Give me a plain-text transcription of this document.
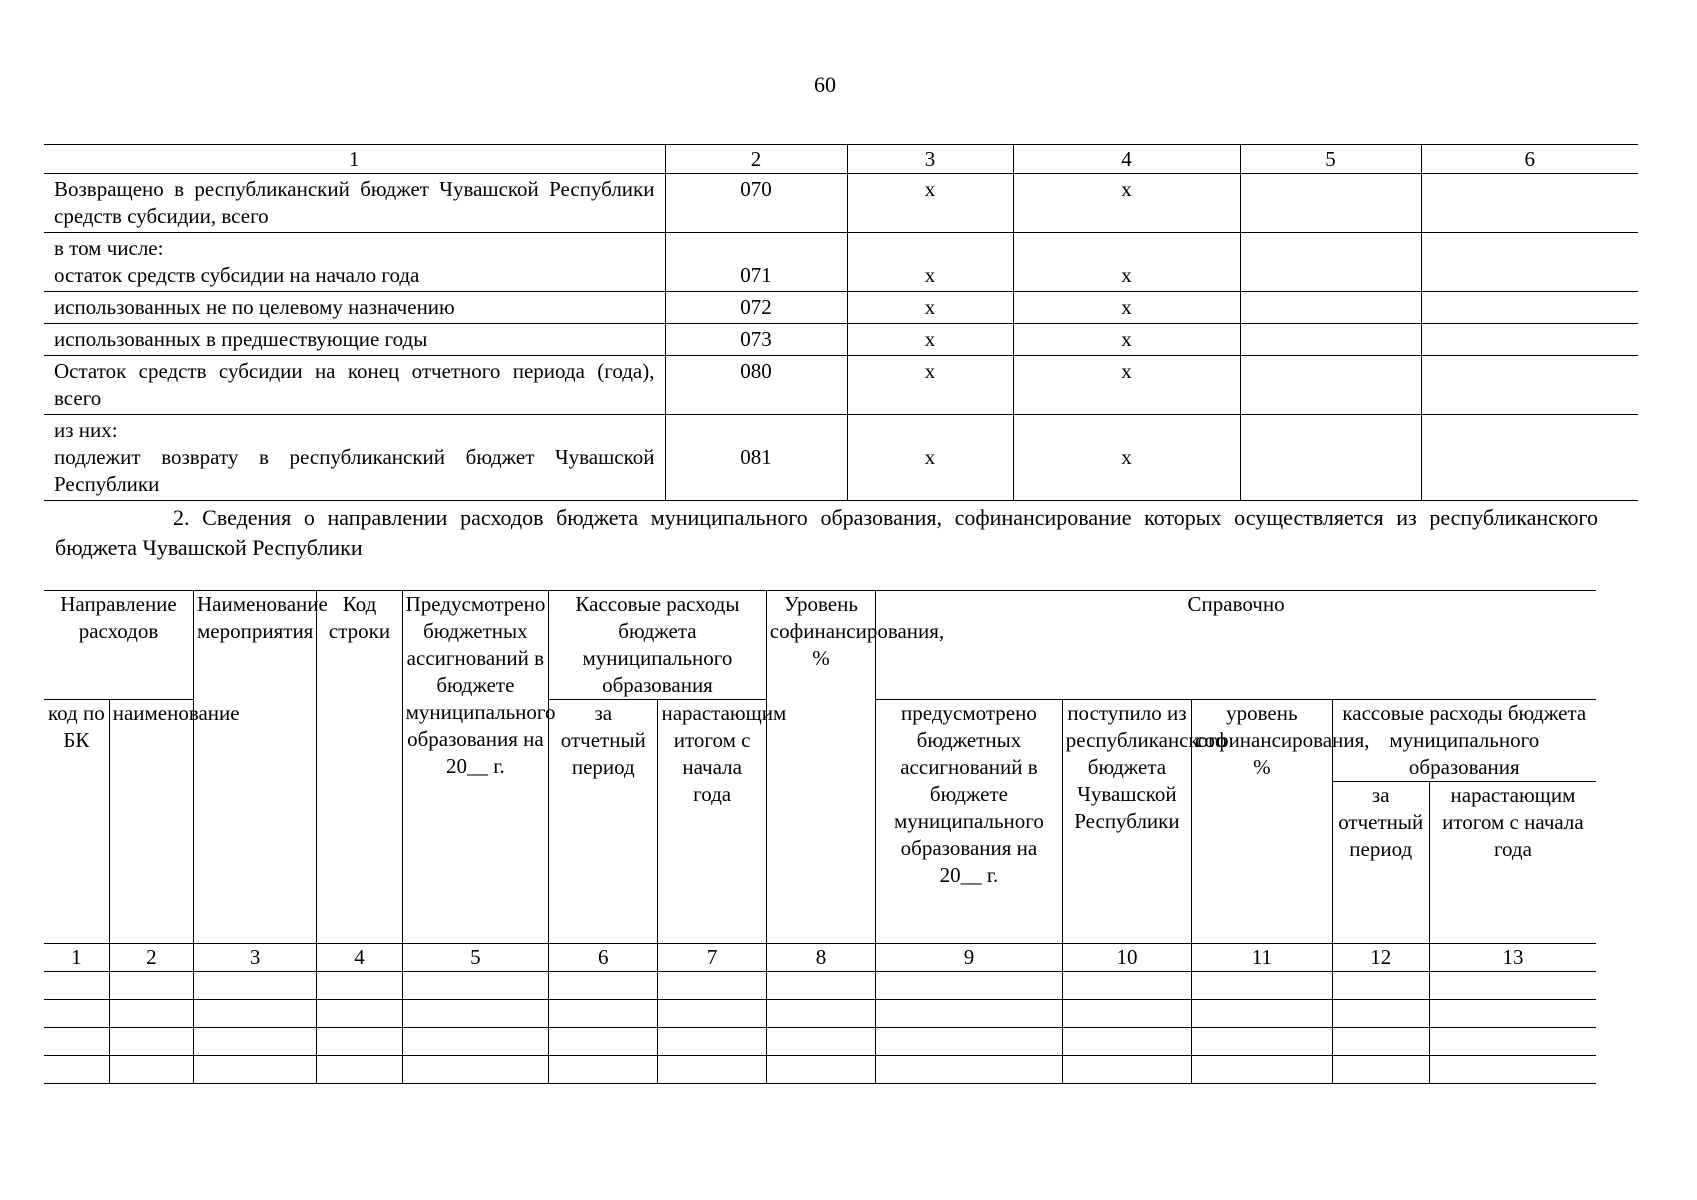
60
1	2	3	4	5	6
Возвращено в республиканский бюджет Чувашской Республики средств субсидии, всего	070	x	x		

в том числе:
остаток средств субсидии на начало года	071	x	x		
использованных не по целевому назначению	072	x	x		
использованных в предшествующие годы	073	x	x		
Остаток средств субсидии на конец отчетного периода (года), всего	080	x	x		

из них:
подлежит возврату в республиканский бюджет Чувашской Республики	081	x	x		
2. Сведения о направлении расходов бюджета муниципального образования, софинансирование которых осуществляется из республиканского бюджета Чувашской Республики
Направление расходов		Наименование мероприятия	Код строки	Предусмотрено бюджетных ассигнований в бюджете муниципального образования на 20__ г.	Кассовые расходы бюджета муниципального образования		Уровень софинансирования, %	Справочно				
код по БК	наименование				за отчетный период	нарастающим итогом с начала года		предусмотрено бюджетных ассигнований в бюджете муниципального образования на 20__ г.	поступило из республиканского бюджета Чувашской Республики	уровень софинансирования, %	кассовые расходы бюджета муниципального образования	
											за отчетный период	нарастающим итогом с начала года
1	2	3	4	5	6	7	8	9	10	11	12	13
